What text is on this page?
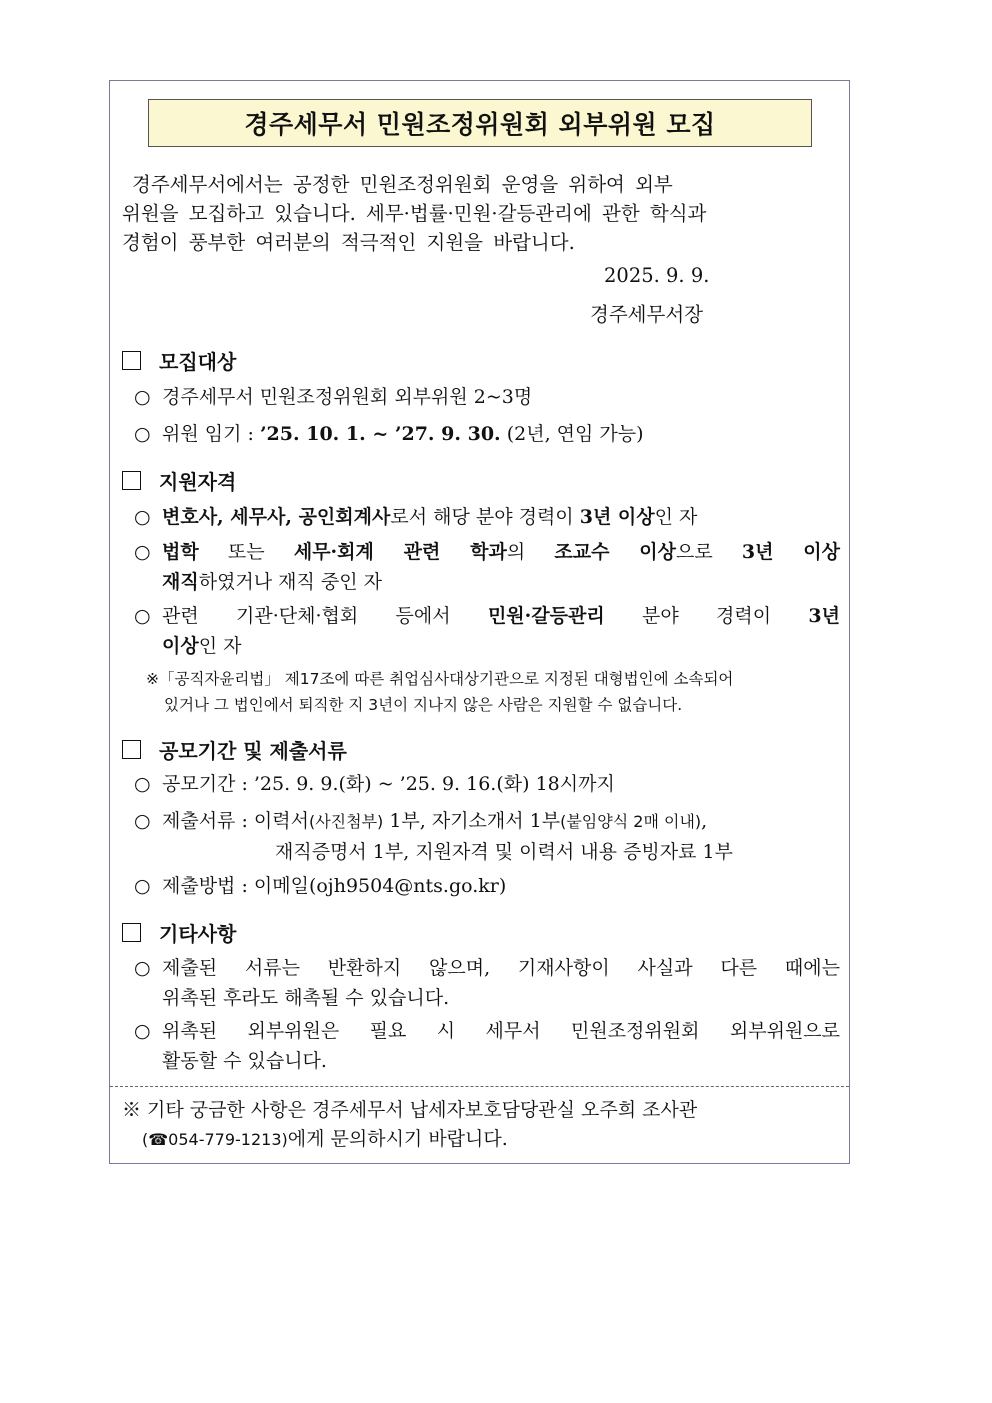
경주세무서 민원조정위원회 외부위원 모집
경주세무서에서는 공정한 민원조정위원회 운영을 위하여 외부
위원을 모집하고 있습니다. 세무·법률·민원·갈등관리에 관한 학식과
경험이 풍부한 여러분의 적극적인 지원을 바랍니다.
2025. 9. 9.
경주세무서장
모집대상
○ 경주세무서 민원조정위원회 외부위원 2~3명
○ 위원 임기 : ’25. 10. 1. ~ ’27. 9. 30. (2년, 연임 가능)
지원자격
○ 변호사, 세무사, 공인회계사로서 해당 분야 경력이 3년 이상인 자
○ 법학 또는 세무·회계 관련 학과의 조교수 이상으로 3년 이상
재직하였거나 재직 중인 자
○ 관련 기관·단체·협회 등에서 민원·갈등관리 분야 경력이 3년
이상인 자
※「공직자윤리법」 제17조에 따른 취업심사대상기관으로 지정된 대형법인에 소속되어
있거나 그 법인에서 퇴직한 지 3년이 지나지 않은 사람은 지원할 수 없습니다.
공모기간 및 제출서류
○ 공모기간 : ’25. 9. 9.(화) ~ ’25. 9. 16.(화) 18시까지
○ 제출서류 : 이력서(사진첨부) 1부, 자기소개서 1부(붙임양식 2매 이내),
재직증명서 1부, 지원자격 및 이력서 내용 증빙자료 1부
○ 제출방법 : 이메일(ojh9504@nts.go.kr)
기타사항
○ 제출된 서류는 반환하지 않으며, 기재사항이 사실과 다른 때에는
위촉된 후라도 해촉될 수 있습니다.
○ 위촉된 외부위원은 필요 시 세무서 민원조정위원회 외부위원으로
활동할 수 있습니다.
※ 기타 궁금한 사항은 경주세무서 납세자보호담당관실 오주희 조사관
(☎054-779-1213)에게 문의하시기 바랍니다.
